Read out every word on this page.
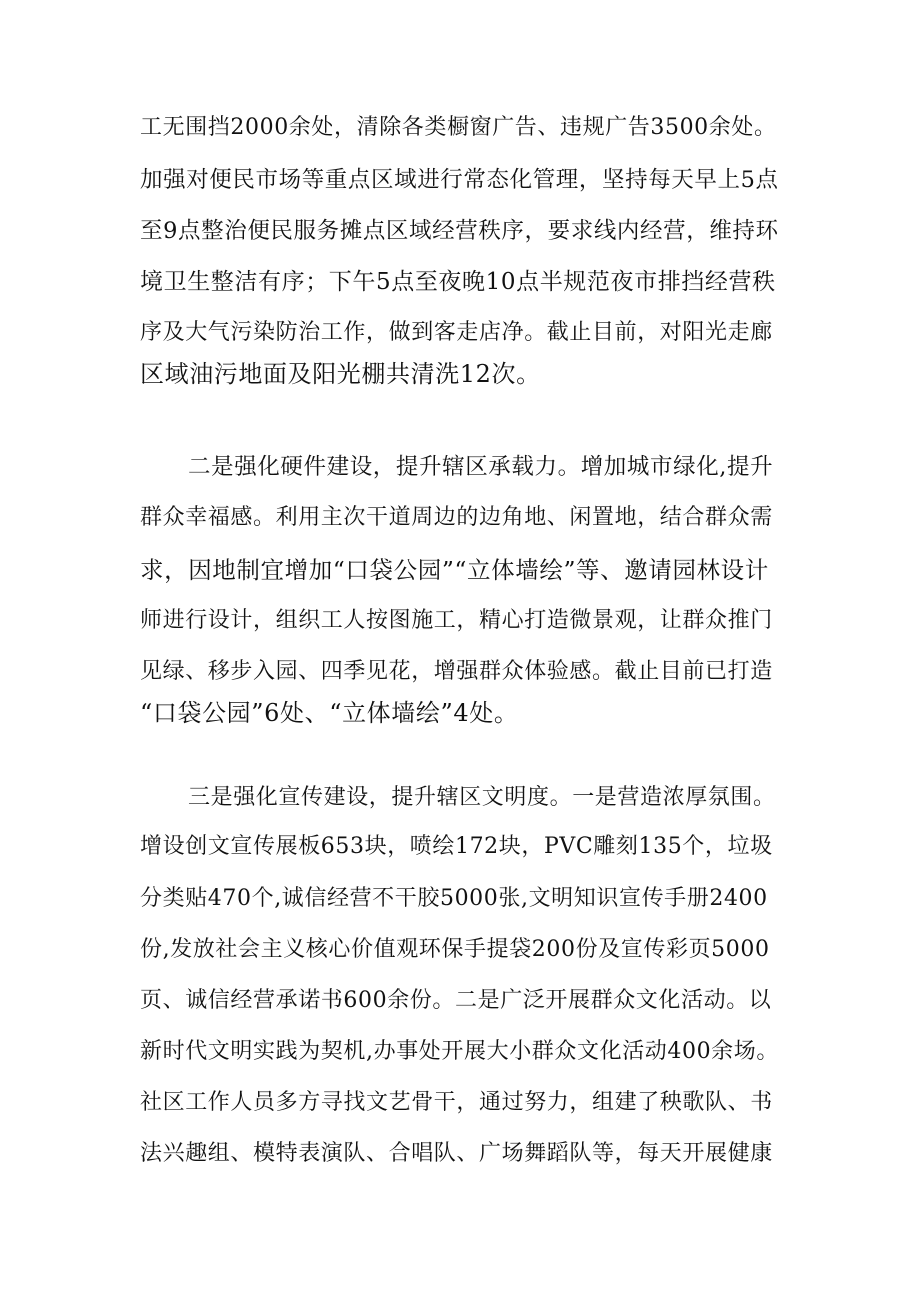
工无围挡2000余处，清除各类橱窗广告、违规广告3500余处。
加强对便民市场等重点区域进行常态化管理，坚持每天早上5点
至9点整治便民服务摊点区域经营秩序，要求线内经营，维持环
境卫生整洁有序；下午5点至夜晚10点半规范夜市排挡经营秩
序及大气污染防治工作，做到客走店净。截止目前，对阳光走廊
区域油污地面及阳光棚共清洗12次。
二是强化硬件建设，提升辖区承载力。增加城市绿化,提升
群众幸福感。利用主次干道周边的边角地、闲置地，结合群众需
求，因地制宜增加“口袋公园”“立体墙绘”等、邀请园林设计
师进行设计，组织工人按图施工，精心打造微景观，让群众推门
见绿、移步入园、四季见花，增强群众体验感。截止目前已打造
“口袋公园”6处、“立体墙绘”4处。
三是强化宣传建设，提升辖区文明度。一是营造浓厚氛围。
增设创文宣传展板653块，喷绘172块，PVC雕刻135个，垃圾
分类贴470个,诚信经营不干胶5000张,文明知识宣传手册2400
份,发放社会主义核心价值观环保手提袋200份及宣传彩页5000
页、诚信经营承诺书600余份。二是广泛开展群众文化活动。以
新时代文明实践为契机,办事处开展大小群众文化活动400余场。
社区工作人员多方寻找文艺骨干，通过努力，组建了秧歌队、书
法兴趣组、模特表演队、合唱队、广场舞蹈队等，每天开展健康
